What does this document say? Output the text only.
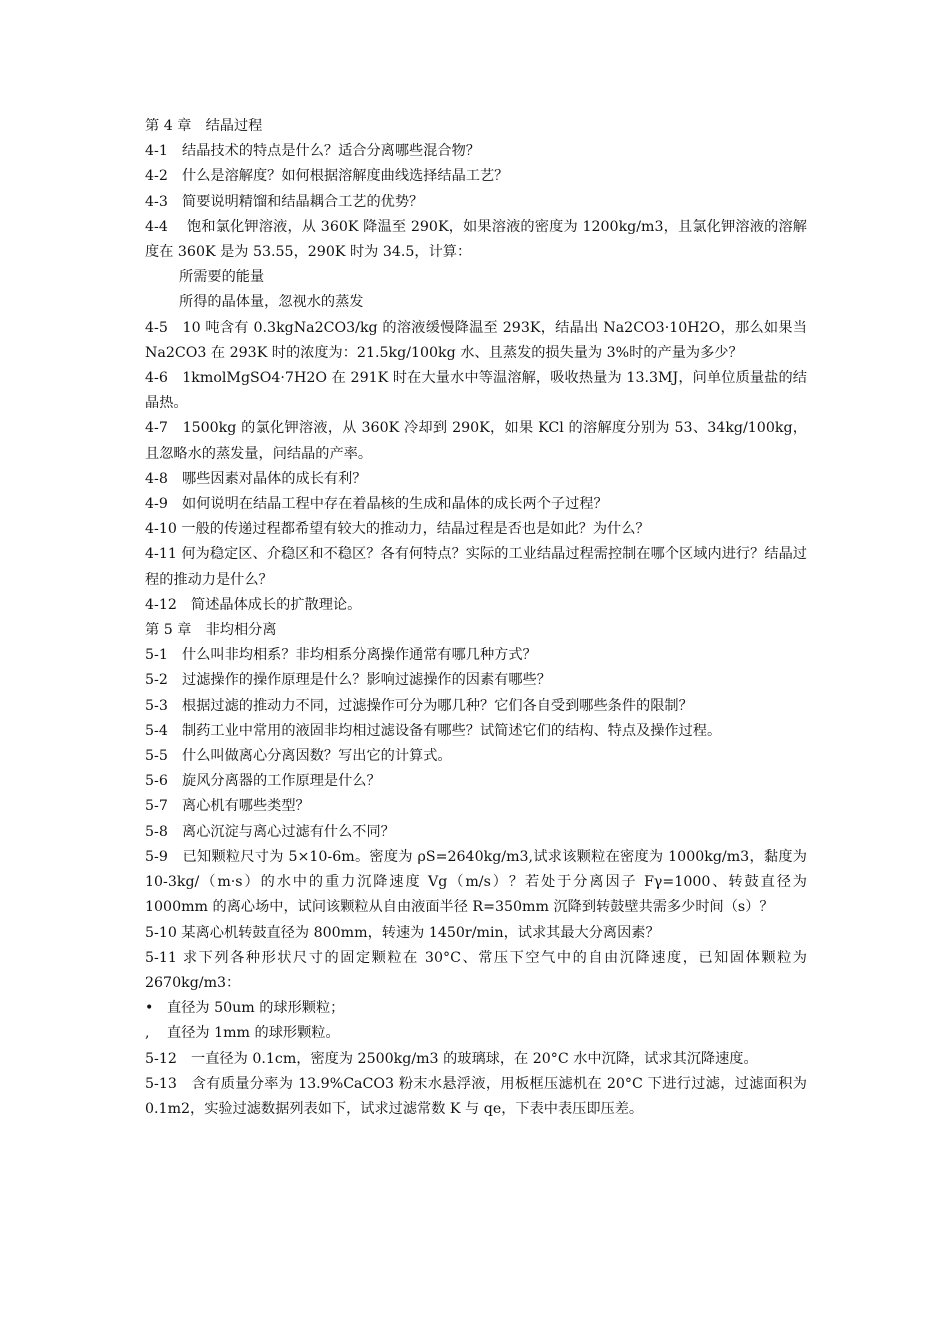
第 4 章　结晶过程
4-1　结晶技术的特点是什么？适合分离哪些混合物？
4-2　什么是溶解度？如何根据溶解度曲线选择结晶工艺？
4-3　简要说明精馏和结晶耦合工艺的优势？
4-4　 饱和氯化钾溶液，从 360K 降温至 290K，如果溶液的密度为 1200kg/m3，且氯化钾溶液的溶解度在 360K 是为 53.55，290K 时为 34.5，计算：
所需要的能量
所得的晶体量，忽视水的蒸发
4-5　10 吨含有 0.3kgNa2CO3/kg 的溶液缓慢降温至 293K，结晶出 Na2CO3·10H2O，那么如果当 Na2CO3 在 293K 时的浓度为：21.5kg/100kg 水、且蒸发的损失量为 3%时的产量为多少？
4-6　1kmolMgSO4·7H2O 在 291K 时在大量水中等温溶解，吸收热量为 13.3MJ，问单位质量盐的结晶热。
4-7　1500kg 的氯化钾溶液，从 360K 冷却到 290K，如果 KCl 的溶解度分别为 53、34kg/100kg，且忽略水的蒸发量，问结晶的产率。
4-8　哪些因素对晶体的成长有利？
4-9　如何说明在结晶工程中存在着晶核的生成和晶体的成长两个子过程？
4-10 一般的传递过程都希望有较大的推动力，结晶过程是否也是如此？为什么？
4-11 何为稳定区、介稳区和不稳区？各有何特点？实际的工业结晶过程需控制在哪个区域内进行？结晶过程的推动力是什么？
4-12　简述晶体成长的扩散理论。
第 5 章　非均相分离
5-1　什么叫非均相系？非均相系分离操作通常有哪几种方式？
5-2　过滤操作的操作原理是什么？影响过滤操作的因素有哪些？
5-3　根据过滤的推动力不同，过滤操作可分为哪几种？它们各自受到哪些条件的限制？
5-4　制药工业中常用的液固非均相过滤设备有哪些？试简述它们的结构、特点及操作过程。
5-5　什么叫做离心分离因数？写出它的计算式。
5-6　旋风分离器的工作原理是什么？
5-7　离心机有哪些类型？
5-8　离心沉淀与离心过滤有什么不同？
5-9　已知颗粒尺寸为 5×10-6m。密度为 ρS=2640kg/m3,试求该颗粒在密度为 1000kg/m3，黏度为 10-3kg/（m·s）的水中的重力沉降速度 Vg（m/s）？若处于分离因子 Fγ=1000、转鼓直径为 1000mm 的离心场中，试问该颗粒从自由液面半径 R=350mm 沉降到转鼓壁共需多少时间（s）？
5-10 某离心机转鼓直径为 800mm，转速为 1450r/min，试求其最大分离因素？
5-11 求下列各种形状尺寸的固定颗粒在 30°C、常压下空气中的自由沉降速度，已知固体颗粒为 2670kg/m3：
• 直径为 50um 的球形颗粒；
, 直径为 1mm 的球形颗粒。
5-12　一直径为 0.1cm，密度为 2500kg/m3 的玻璃球，在 20°C 水中沉降，试求其沉降速度。
5-13　含有质量分率为 13.9%CaCO3 粉末水悬浮液，用板框压滤机在 20°C 下进行过滤，过滤面积为 0.1m2，实验过滤数据列表如下，试求过滤常数 K 与 qe，下表中表压即压差。
